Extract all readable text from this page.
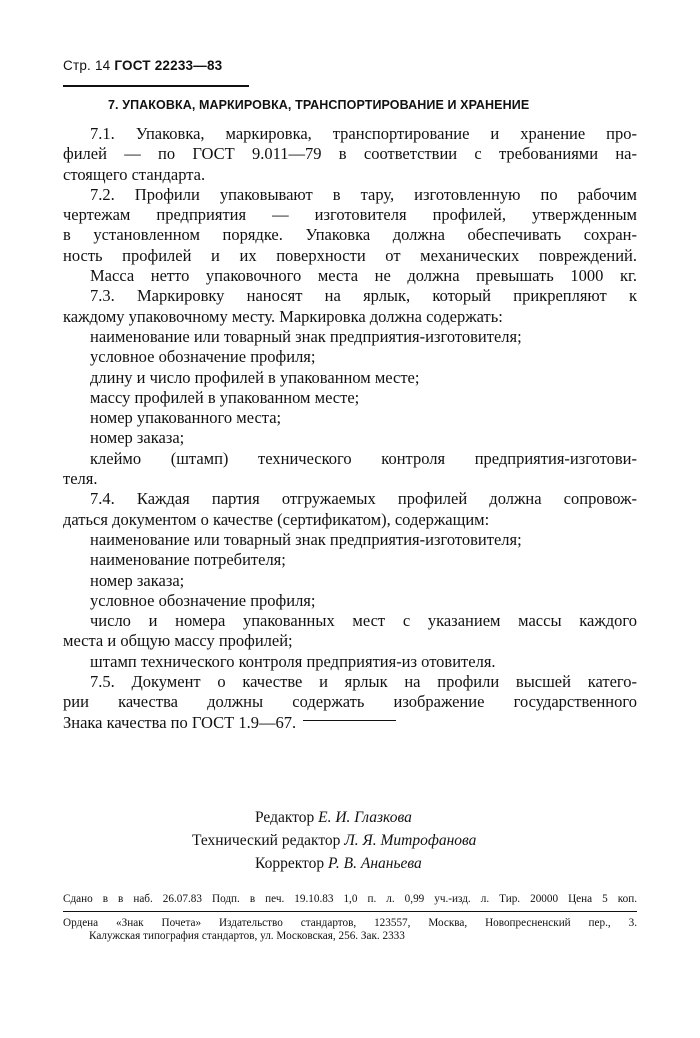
Стр. 14 ГОСТ 22233—83
7. УПАКОВКА, МАРКИРОВКА, ТРАНСПОРТИРОВАНИЕ И ХРАНЕНИЕ
7.1. Упаковка, маркировка, транспортирование и хранение про-
филей — по ГОСТ 9.011—79 в соответствии с требованиями на-
стоящего стандарта.
7.2. Профили упаковывают в тару, изготовленную по рабочим
чертежам предприятия — изготовителя профилей, утвержденным
в установленном порядке. Упаковка должна обеспечивать сохран-
ность профилей и их поверхности от механических повреждений.
Масса нетто упаковочного места не должна превышать 1000 кг.
7.3. Маркировку наносят на ярлык, который прикрепляют к
каждому упаковочному месту. Маркировка должна содержать:
наименование или товарный знак предприятия-изготовителя;
условное обозначение профиля;
длину и число профилей в упакованном месте;
массу профилей в упакованном месте;
номер упакованного места;
номер заказа;
клеймо (штамп) технического контроля предприятия-изготови-
теля.
7.4. Каждая партия отгружаемых профилей должна сопровож-
даться документом о качестве (сертификатом), содержащим:
наименование или товарный знак предприятия-изготовителя;
наименование потребителя;
номер заказа;
условное обозначение профиля;
число и номера упакованных мест с указанием массы каждого
места и общую массу профилей;
штамп технического контроля предприятия-из отовителя.
7.5. Документ о качестве и ярлык на профили высшей катего-
рии качества должны содержать изображение государственного
Знака качества по ГОСТ 1.9—67.
Редактор Е. И. Глазкова
Технический редактор Л. Я. Митрофанова
Корректор Р. В. Ананьева
Сдано в в наб. 26.07.83 Подп. в печ. 19.10.83 1,0 п. л. 0,99 уч.-изд. л. Тир. 20000 Цена 5 коп.
Ордена «Знак Почета» Издательство стандартов, 123557, Москва, Новопресненский пер., 3.
Калужская типография стандартов, ул. Московская, 256. Зак. 2333
